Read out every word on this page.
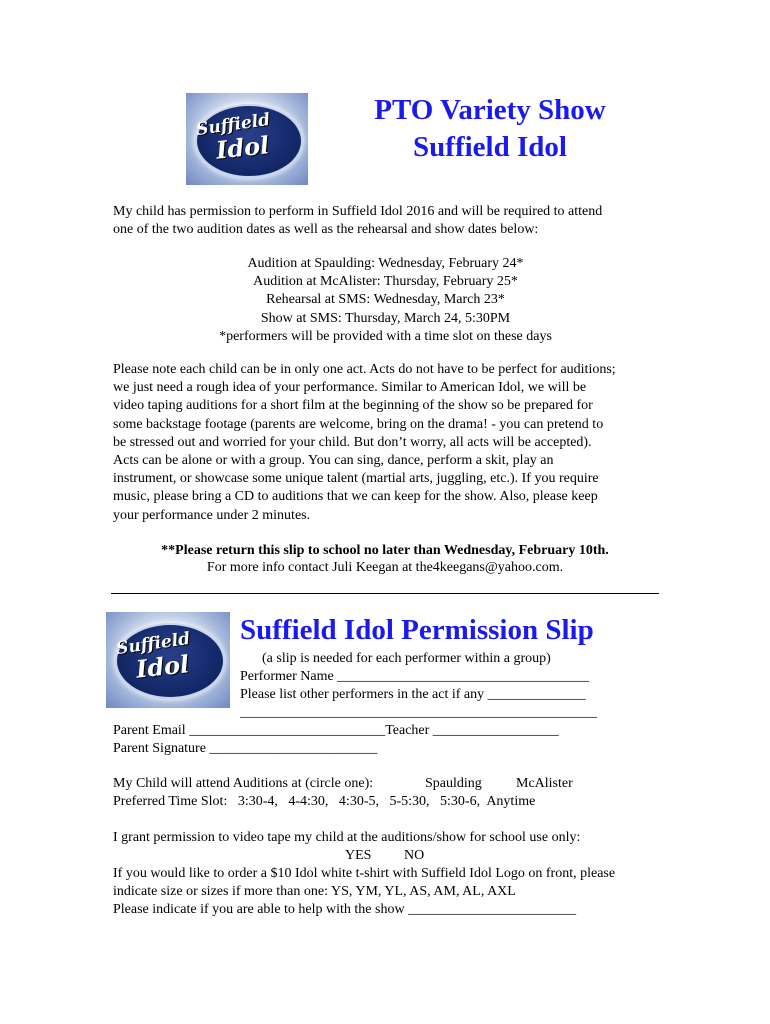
Suffield
Idol
PTO Variety Show
Suffield Idol

My child has permission to perform in Suffield Idol 2016 and will be required to attend

one of the two audition dates as well as the rehearsal and show dates below:

Audition at Spaulding: Wednesday, February 24*

Audition at McAlister: Thursday, February 25*

Rehearsal at SMS: Wednesday, March 23*

Show at SMS: Thursday, March 24, 5:30PM

*performers will be provided with a time slot on these days

Please note each child can be in only one act. Acts do not have to be perfect for auditions;

we just need a rough idea of your performance. Similar to American Idol, we will be

video taping auditions for a short film at the beginning of the show so be prepared for

some backstage footage (parents are welcome, bring on the drama! - you can pretend to

be stressed out and worried for your child. But don’t worry, all acts will be accepted).

Acts can be alone or with a group. You can sing, dance, perform a skit, play an

instrument, or showcase some unique talent (martial arts, juggling, etc.). If you require

music, please bring a CD to auditions that we can keep for the show. Also, please keep

your performance under 2 minutes.

**Please return this slip to school no later than Wednesday, February 10th.
For more info contact Juli Keegan at the4keegans@yahoo.com.
Suffield
Idol
Suffield Idol Permission Slip
(a slip is needed for each performer within a group)
Performer Name ____________________________________
Please list other performers in the act if any ______________
___________________________________________________
Parent Email ____________________________Teacher __________________
Parent Signature ________________________
My Child will attend Auditions at (circle one):	Spaulding McAlister
Preferred Time Slot:   3:30-4,   4-4:30,   4:30-5,   5-5:30,   5:30-6,  Anytime
I grant permission to video tape my child at the auditions/show for school use only:
YES NO
If you would like to order a $10 Idol white t-shirt with Suffield Idol Logo on front, please
indicate size or sizes if more than one: YS, YM, YL, AS, AM, AL, AXL
Please indicate if you are able to help with the show ________________________
